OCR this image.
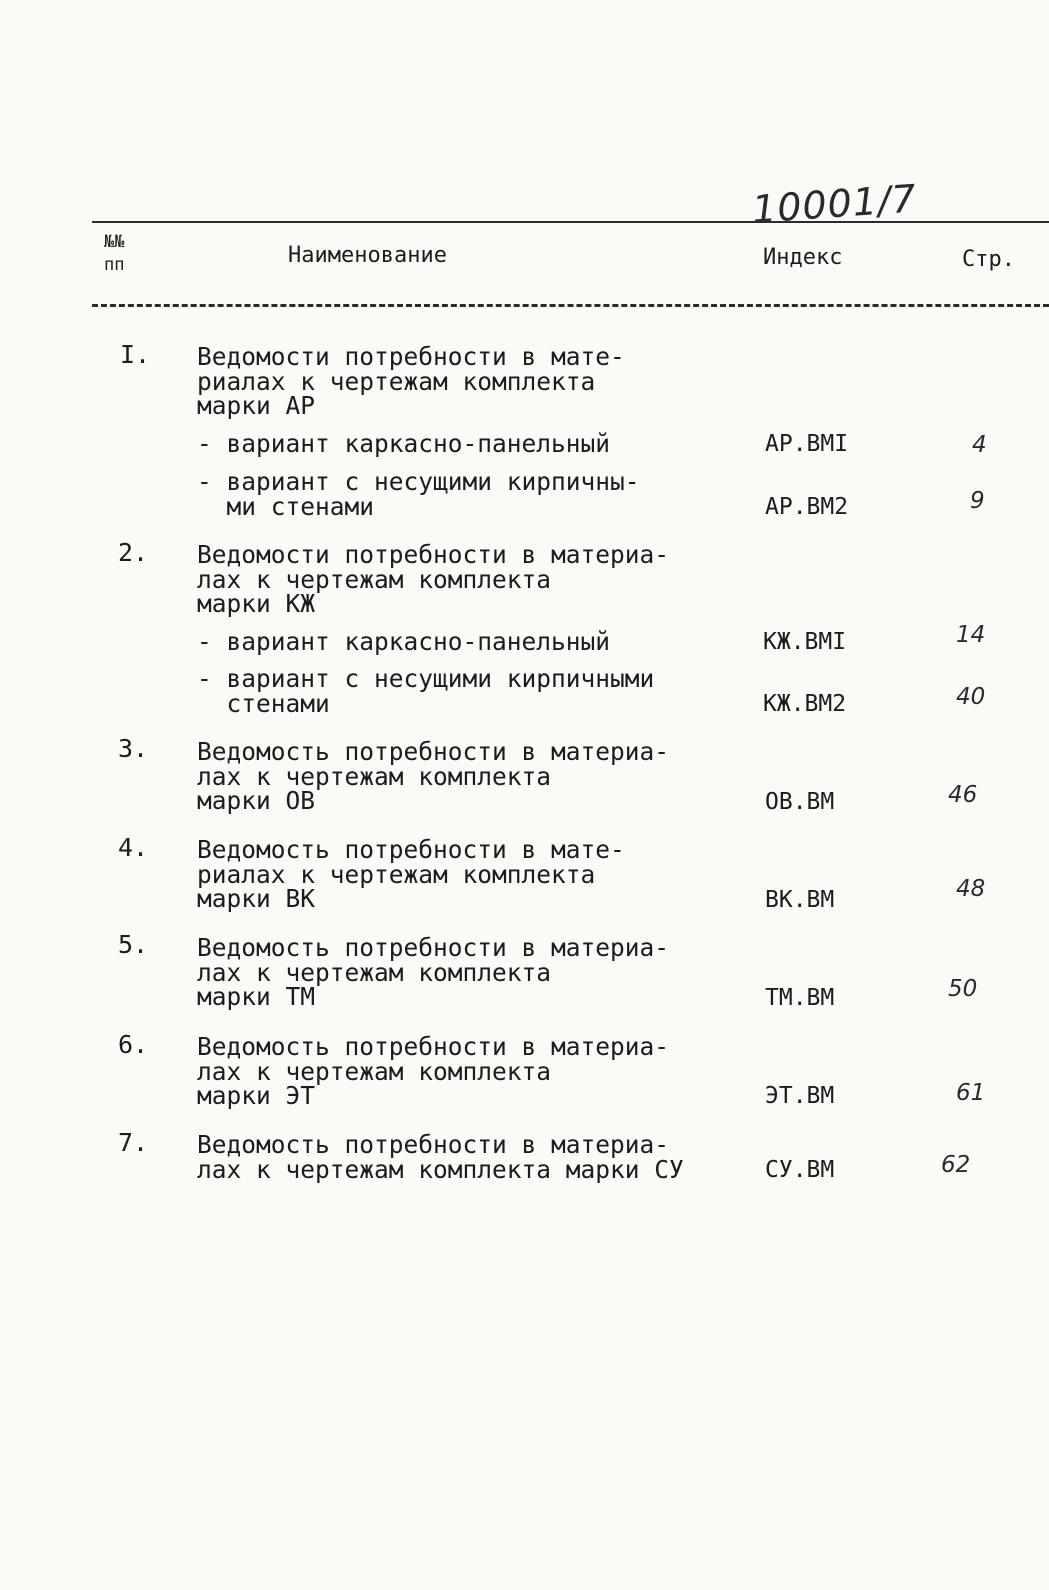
10001/7
№№
пп	Наименование	Индекс	Стр.
I. Ведомости потребности в мате-
риалах к чертежам комплекта
марки АР
- вариант каркасно-панельный	АР.ВМI	4
- вариант с несущими кирпичны-
ми стенами	АР.ВМ2	9
2. Ведомости потребности в материа-
лах к чертежам комплекта
марки КЖ
- вариант каркасно-панельный	КЖ.ВМI	14
- вариант с несущими кирпичными
стенами	КЖ.ВМ2	40
3. Ведомость потребности в материа-
лах к чертежам комплекта
марки ОВ	ОВ.ВМ	46
4. Ведомость потребности в мате-
риалах к чертежам комплекта
марки ВК	ВК.ВМ	48
5. Ведомость потребности в материа-
лах к чертежам комплекта
марки ТМ	ТМ.ВМ	50
6. Ведомость потребности в материа-
лах к чертежам комплекта
марки ЭТ	ЭТ.ВМ	61
7. Ведомость потребности в материа-
лах к чертежам комплекта марки СУ	СУ.ВМ	62
